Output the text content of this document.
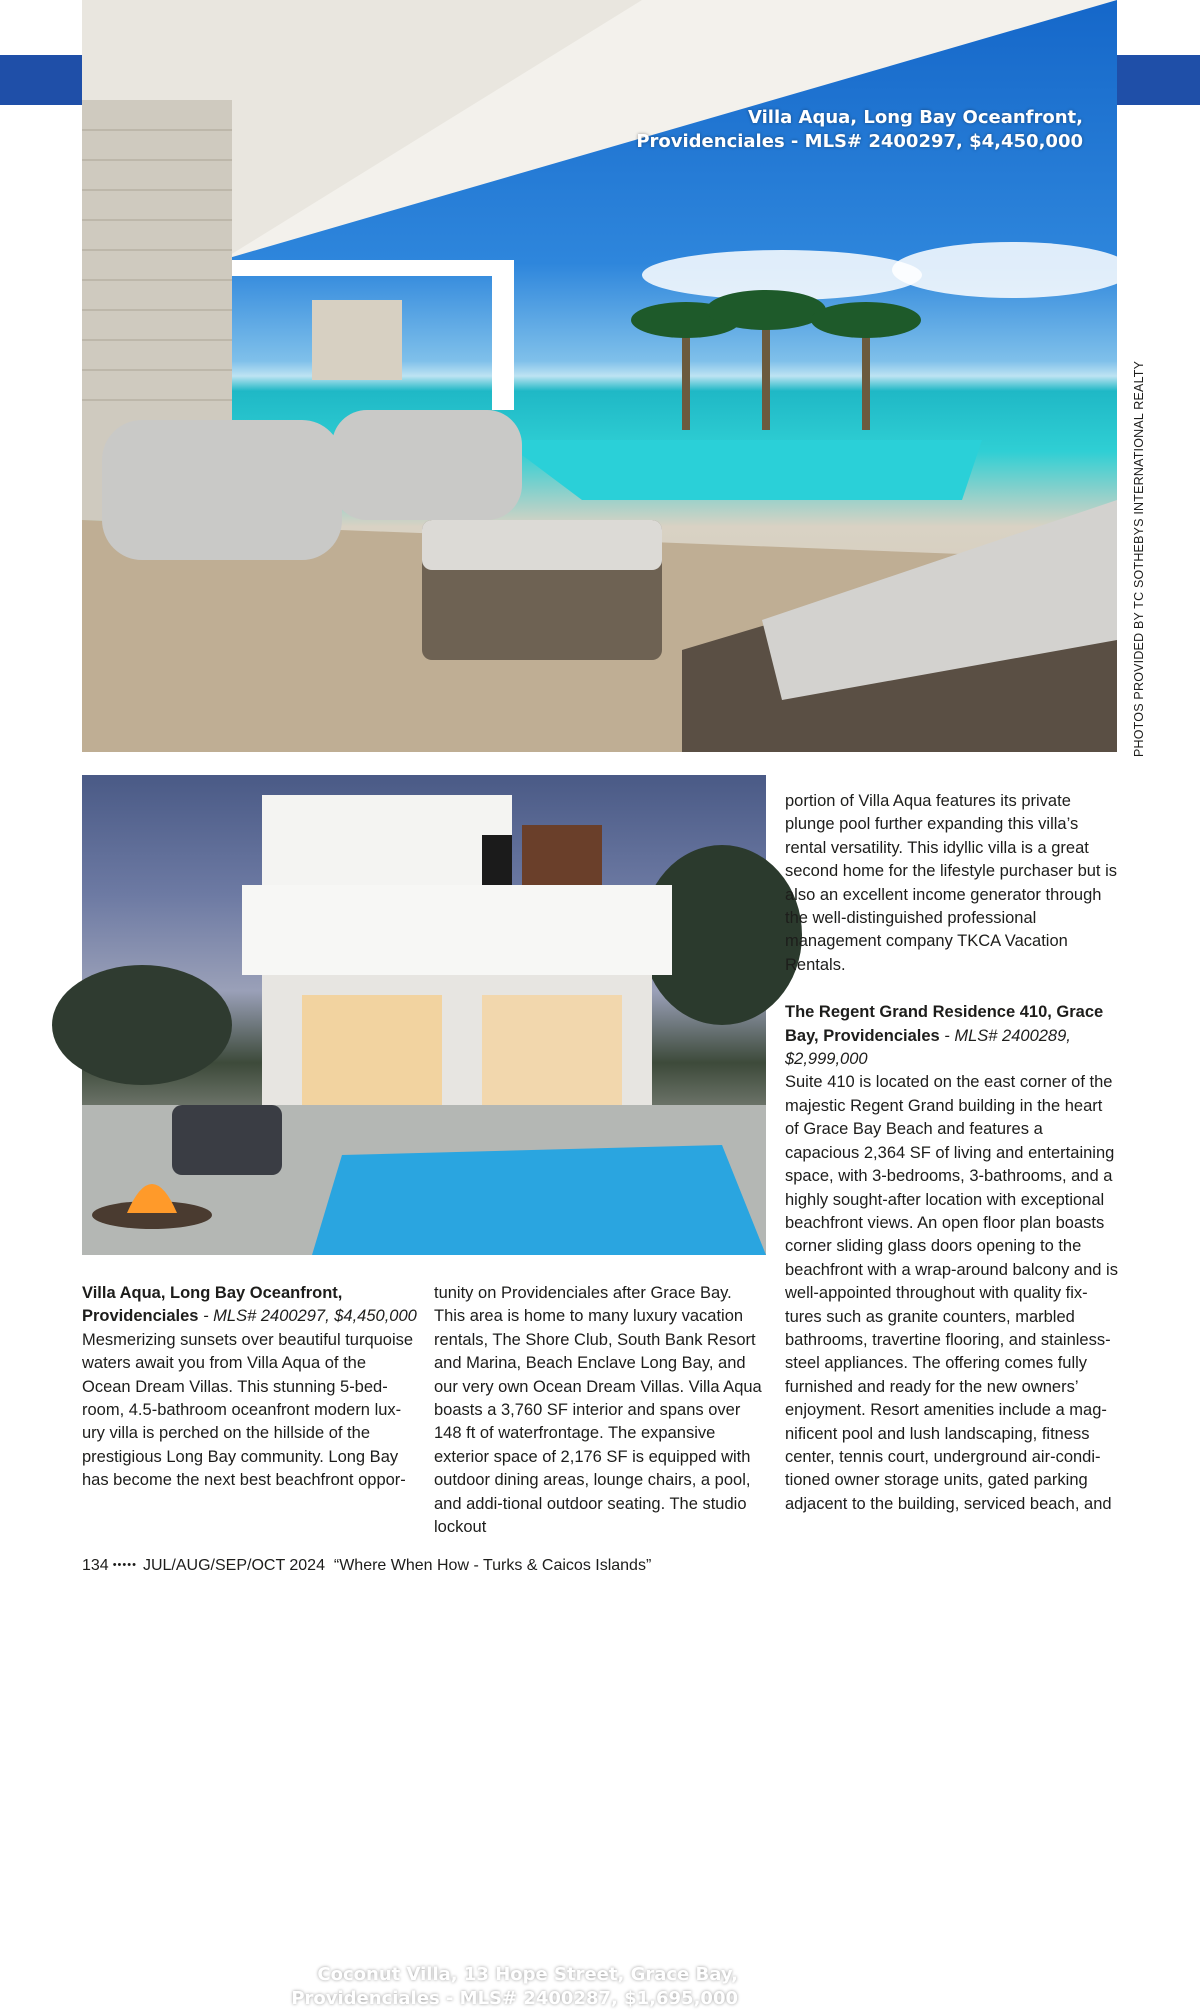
Villa Aqua, Long Bay Oceanfront,
Providenciales - MLS# 2400297, $4,450,000
PHOTOS PROVIDED BY TC SOTHEBYS INTERNATIONAL REALTY
Coconut Villa, 13 Hope Street, Grace Bay,
Providenciales - MLS# 2400287, $1,695,000

Villa Aqua, Long Bay Oceanfront, Providenciales - MLS# 2400297, $4,450,000

Mesmerizing sunsets over beautiful turquoise waters await you from Villa Aqua of the Ocean Dream Villas. This stunning 5-bed-room, 4.5-bathroom oceanfront modern lux-ury villa is perched on the hillside of the prestigious Long Bay community. Long Bay has become the next best beachfront oppor-

tunity on Providenciales after Grace Bay. This area is home to many luxury vacation rentals, The Shore Club, South Bank Resort and Marina, Beach Enclave Long Bay, and our very own Ocean Dream Villas. Villa Aqua boasts a 3,760 SF interior and spans over 148 ft of waterfrontage. The expansive exterior space of 2,176 SF is equipped with outdoor dining areas, lounge chairs, a pool, and addi-tional outdoor seating. The studio lockout

portion of Villa Aqua features its private plunge pool further expanding this villa’s rental versatility. This idyllic villa is a great second home for the lifestyle purchaser but is also an excellent income generator through the well-distinguished professional management company TKCA Vacation Rentals.

The Regent Grand Residence 410, Grace Bay, Providenciales - MLS# 2400289, $2,999,000

Suite 410 is located on the east corner of the majestic Regent Grand building in the heart of Grace Bay Beach and features a capacious 2,364 SF of living and entertaining space, with 3-bedrooms, 3-bathrooms, and a highly sought-after location with exceptional beachfront views. An open floor plan boasts corner sliding glass doors opening to the beachfront with a wrap-around balcony and is well-appointed throughout with quality fix-tures such as granite counters, marbled bathrooms, travertine flooring, and stainless-steel appliances. The offering comes fully furnished and ready for the new owners’ enjoyment. Resort amenities include a mag-nificent pool and lush landscaping, fitness center, tennis court, underground air-condi-tioned owner storage units, gated parking adjacent to the building, serviced beach, and

134 ••••• JUL/AUG/SEP/OCT 2024 “Where When How - Turks & Caicos Islands”
